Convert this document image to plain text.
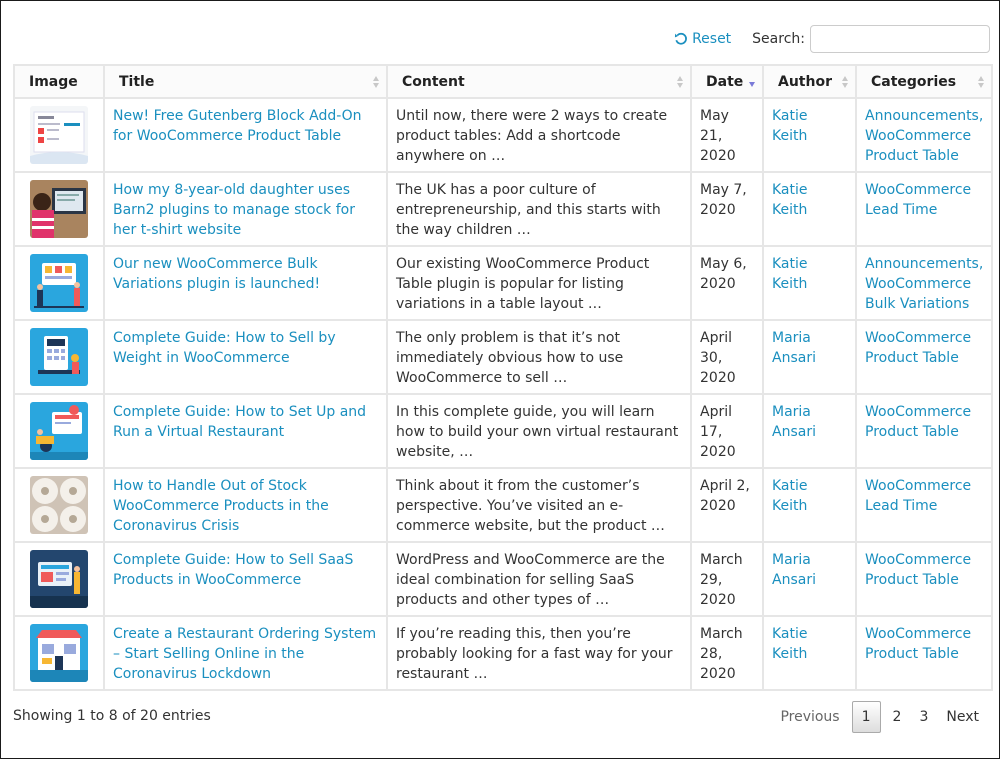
Reset Search:
Image	Title	Content	Date	Author	Categories

	New! Free Gutenberg Block Add-On for WooCommerce Product Table	Until now, there were 2 ways to create product tables: Add a shortcode anywhere on …	May 21, 2020	Katie Keith	Announcements, WooCommerce Product Table

	How my 8-year-old daughter uses Barn2 plugins to manage stock for her t-shirt website	The UK has a poor culture of entrepreneurship, and this starts with the way children …	May 7, 2020	Katie Keith	WooCommerce Lead Time

	Our new WooCommerce Bulk Variations plugin is launched!	Our existing WooCommerce Product Table plugin is popular for listing variations in a table layout …	May 6, 2020	Katie Keith	Announcements, WooCommerce Bulk Variations

	Complete Guide: How to Sell by Weight in WooCommerce	The only problem is that it’s not immediately obvious how to use WooCommerce to sell …	April 30, 2020	Maria Ansari	WooCommerce Product Table

	Complete Guide: How to Set Up and Run a Virtual Restaurant	In this complete guide, you will learn how to build your own virtual restaurant website, …	April 17, 2020	Maria Ansari	WooCommerce Product Table

	How to Handle Out of Stock WooCommerce Products in the Coronavirus Crisis	Think about it from the customer’s perspective. You’ve visited an e-commerce website, but the product …	April 2, 2020	Katie Keith	WooCommerce Lead Time

	Complete Guide: How to Sell SaaS Products in WooCommerce	WordPress and WooCommerce are the ideal combination for selling SaaS products and other types of …	March 29, 2020	Maria Ansari	WooCommerce Product Table

	Create a Restaurant Ordering System – Start Selling Online in the Coronavirus Lockdown	If you’re reading this, then you’re probably looking for a fast way for your restaurant …	March 28, 2020	Katie Keith	WooCommerce Product Table
Showing 1 to 8 of 20 entries	Previous	1	2	3	Next
